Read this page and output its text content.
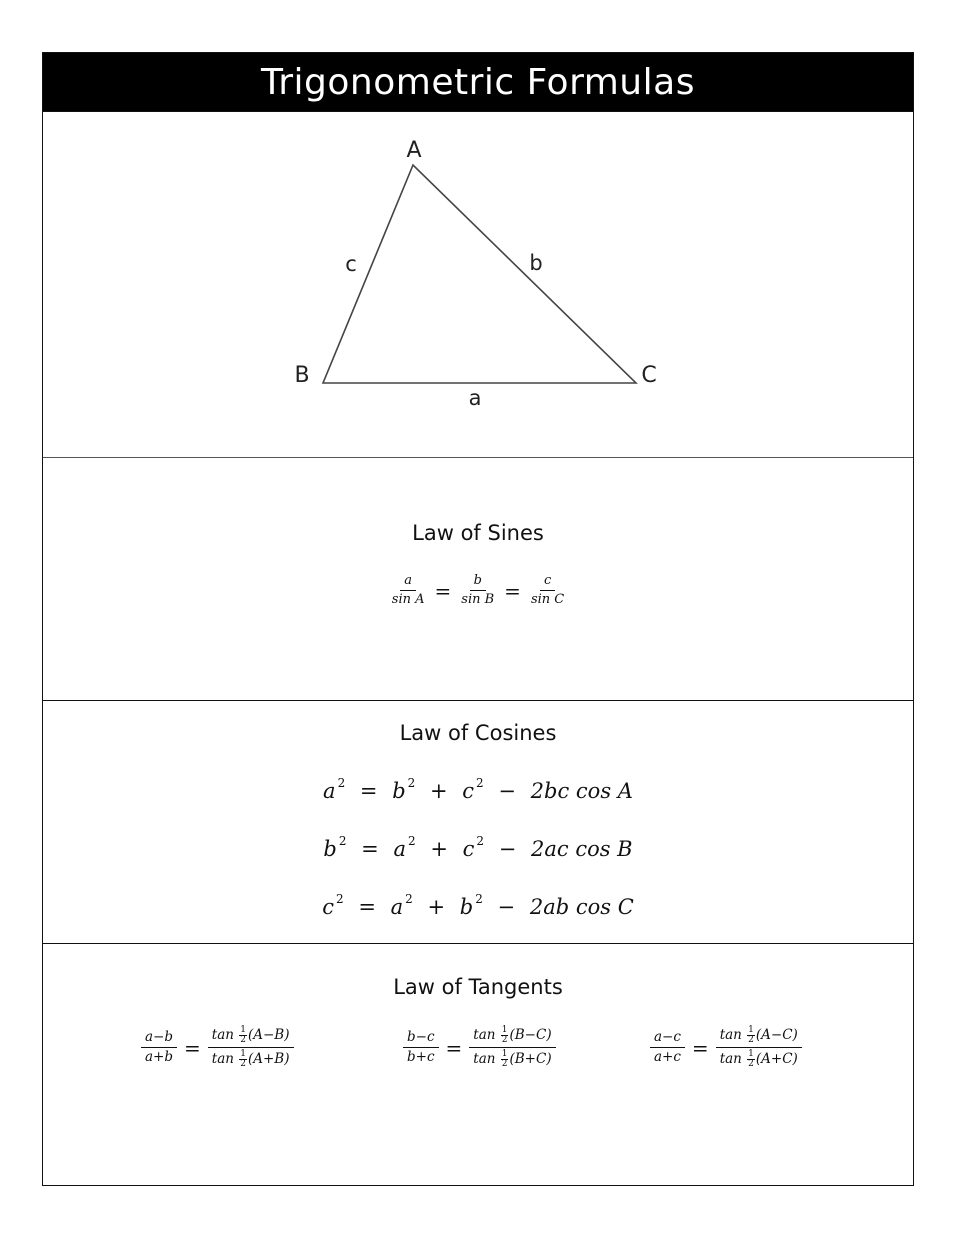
Trigonometric Formulas
A
B	C
c	b
a
Law of Sines
$\frac{a}{\text{sin A}} = \frac{b}{\text{sin B}} = \frac{c}{\text{sin C}}$
Law of Cosines
a $^2$ = b $^2$ + c $^2$ − 2bc cos A
b $^2$ = a $^2$ + c $^2$ − 2ac cos B
c $^2$ = a $^2$ + b $^2$ − 2ab cos C
Law of Tangents
$\frac{a-b}{a+b} = \frac{\tan \frac{1}{2} (A-B)}{\tan \frac{1}{2} (A+B)}$	$\frac{b-c}{b+c} = \frac{\tan \frac{1}{2} (B-C)}{\tan \frac{1}{2} (B+C)}$	$\frac{a-c}{a+c} = \frac{\tan \frac{1}{2} (A-C)}{\tan \frac{1}{2} (A+C)}$
